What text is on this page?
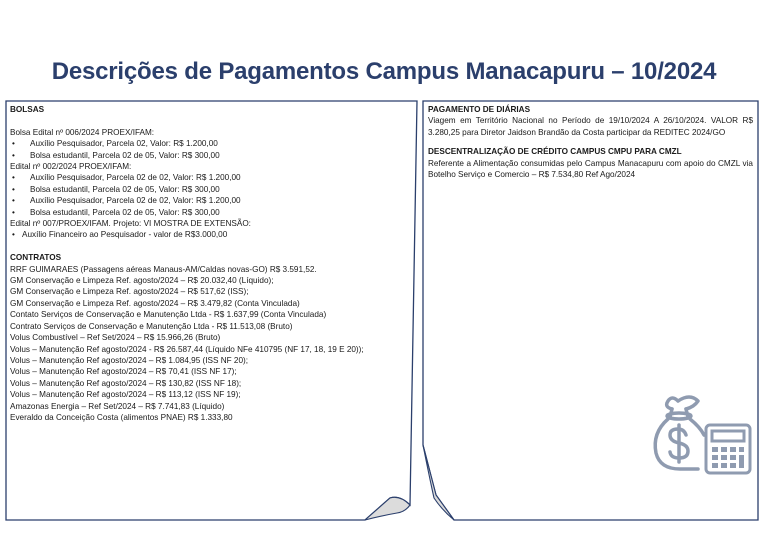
Descrições de Pagamentos Campus Manacapuru – 10/2024
BOLSAS
Bolsa Edital nº 006/2024 PROEX/IFAM:
• Auxílio Pesquisador, Parcela 02, Valor: R$ 1.200,00
• Bolsa estudantil, Parcela 02 de 05, Valor: R$ 300,00
Edital nº 002/2024 PROEX/IFAM:
• Auxílio Pesquisador, Parcela 02 de 02, Valor: R$ 1.200,00
• Bolsa estudantil, Parcela 02 de 05, Valor: R$ 300,00
• Auxílio Pesquisador, Parcela 02 de 02, Valor: R$ 1.200,00
• Bolsa estudantil, Parcela 02 de 05, Valor: R$ 300,00
Edital nº 007/PROEX/IFAM. Projeto: VI MOSTRA DE EXTENSÃO:
• Auxílio Financeiro ao Pesquisador - valor de R$3.000,00
CONTRATOS
RRF GUIMARAES (Passagens aéreas Manaus-AM/Caldas novas-GO) R$ 3.591,52.
GM Conservação e Limpeza Ref. agosto/2024 – R$ 20.032,40 (Líquido);
GM Conservação e Limpeza Ref. agosto/2024 – R$ 517,62 (ISS);
GM Conservação e Limpeza Ref. agosto/2024 – R$ 3.479,82 (Conta Vinculada)
Contato Serviços de Conservação e Manutenção Ltda - R$ 1.637,99 (Conta Vinculada)
Contrato Serviços de Conservação e Manutenção Ltda - R$ 11.513,08 (Bruto)
Volus Combustível – Ref Set/2024 – R$ 15.966,26 (Bruto)
Volus – Manutenção Ref agosto/2024 - R$ 26.587,44 (Líquido NFe 410795 (NF 17, 18, 19 E 20));
Volus – Manutenção Ref agosto/2024 – R$ 1.084,95 (ISS NF 20);
Volus – Manutenção Ref agosto/2024 – R$ 70,41 (ISS NF 17);
Volus – Manutenção Ref agosto/2024 – R$ 130,82 (ISS NF 18);
Volus – Manutenção Ref agosto/2024 – R$ 113,12 (ISS NF 19);
Amazonas Energia – Ref Set/2024 – R$ 7.741,83 (Líquido)
Everaldo da Conceição Costa (alimentos PNAE) R$ 1.333,80
PAGAMENTO DE DIÁRIAS
Viagem em Território Nacional no Período de 19/10/2024 A 26/10/2024. VALOR R$ 3.280,25 para Diretor Jaidson Brandão da Costa participar da REDITEC 2024/GO
DESCENTRALIZAÇÃO DE CRÉDITO CAMPUS CMPU PARA CMZL
Referente a Alimentação consumidas pelo Campus Manacapuru com apoio do CMZL via Botelho Serviço e Comercio – R$ 7.534,80 Ref Ago/2024
